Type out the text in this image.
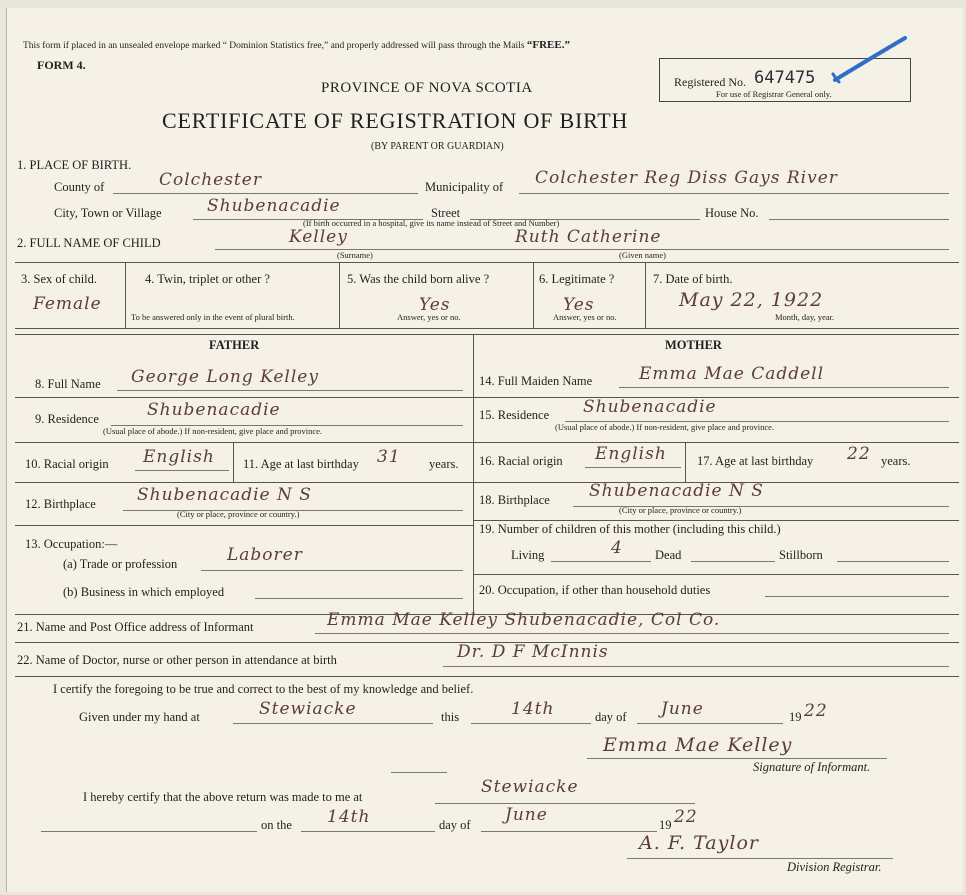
This form if placed in an unsealed envelope marked “ Dominion Statistics free,” and properly addressed will pass through the Mails “FREE.”
FORM 4.
PROVINCE OF NOVA SCOTIA
CERTIFICATE OF REGISTRATION OF BIRTH
(BY PARENT OR GUARDIAN)
Registered No. 647475
For use of Registrar General only.
1. PLACE OF BIRTH.
County of	Colchester	Municipality of Colchester Reg Diss Gays River
City, Town or Village	Shubenacadie	Street	House No.
(If birth occurred in a hospital, give its name instead of Street and Number)
2. FULL NAME OF CHILD	Kelley	Ruth Catherine
(Surname)	(Given name)
3. Sex of child.
Female
4. Twin, triplet or other ?
To be answered only in the event of plural birth.
5. Was the child born alive ?
Yes
Answer, yes or no.
6. Legitimate ?
Yes
Answer, yes or no.
7. Date of birth.
May 22, 1922
Month, day, year.
FATHER	MOTHER
8. Full Name George Long Kelley
9. Residence	Shubenacadie
(Usual place of abode.) If non-resident, give place and province.
10. Racial origin English 11. Age at last birthday 31 years.
12. Birthplace Shubenacadie N S
(City or place, province or country.)
13. Occupation:—
(a) Trade or profession	Laborer
(b) Business in which employed
14. Full Maiden Name	Emma Mae Caddell
15. Residence Shubenacadie
(Usual place of abode.) If non-resident, give place and province.
16. Racial origin English 17. Age at last birthday 22 years.
18. Birthplace Shubenacadie N S
(City or place, province or country.)
19. Number of children of this mother (including this child.)
Living	4	Dead	Stillborn
20. Occupation, if other than household duties
21. Name and Post Office address of Informant	Emma Mae Kelley Shubenacadie, Col Co.
22. Name of Doctor, nurse or other person in attendance at birth	Dr. D F McInnis
I certify the foregoing to be true and correct to the best of my knowledge and belief.
Given under my hand at	Stewiacke	this	14th	day of June	19 22
Emma Mae Kelley
Signature of Informant.
I hereby certify that the above return was made to me at	Stewiacke
on the 14th	day of June	19 22
A. F. Taylor
Division Registrar.
